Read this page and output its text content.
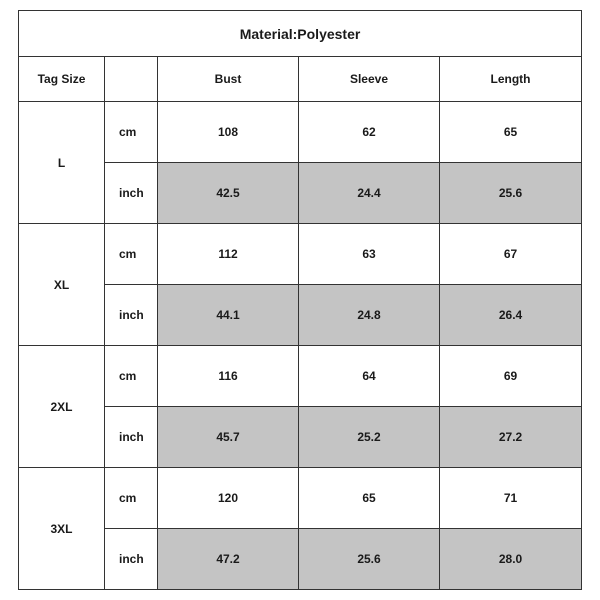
Material:Polyester				
Tag Size		Bust	Sleeve	Length
L	cm	108	62	65
	inch	42.5	24.4	25.6
XL	cm	112	63	67
	inch	44.1	24.8	26.4
2XL	cm	116	64	69
	inch	45.7	25.2	27.2
3XL	cm	120	65	71
	inch	47.2	25.6	28.0
